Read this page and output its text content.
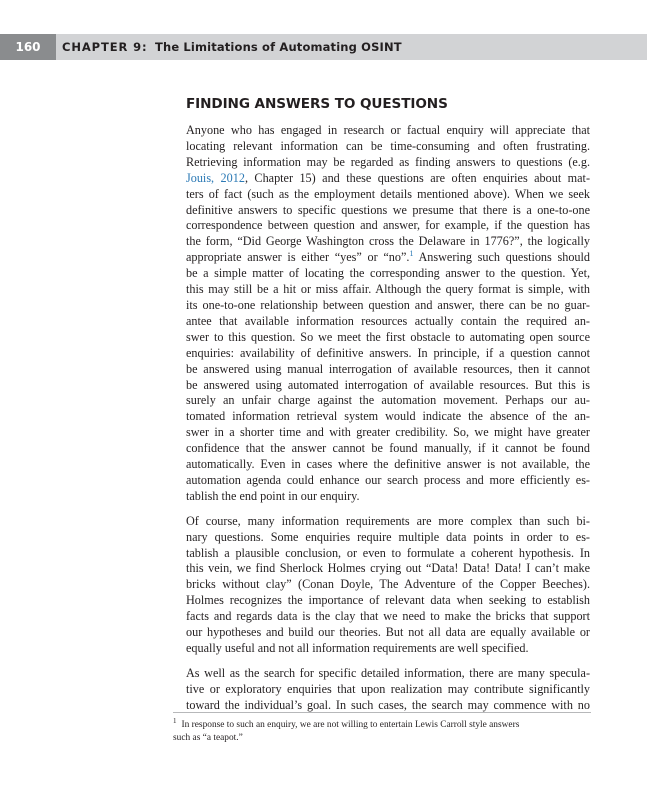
160	CHAPTER 9: The Limitations of Automating OSINT
FINDING ANSWERS TO QUESTIONS
Anyone who has engaged in research or factual enquiry will appreciate that
locating relevant information can be time-consuming and often frustrating.
Retrieving information may be regarded as finding answers to questions (e.g.
Jouis, 2012, Chapter 15) and these questions are often enquiries about mat-
ters of fact (such as the employment details mentioned above). When we seek
definitive answers to specific questions we presume that there is a one-to-one
correspondence between question and answer, for example, if the question has
the form, “Did George Washington cross the Delaware in 1776?”, the logically
appropriate answer is either “yes” or “no”.$^1$ Answering such questions should
be a simple matter of locating the corresponding answer to the question. Yet,
this may still be a hit or miss affair. Although the query format is simple, with
its one-to-one relationship between question and answer, there can be no guar-
antee that available information resources actually contain the required an-
swer to this question. So we meet the first obstacle to automating open source
enquiries: availability of definitive answers. In principle, if a question cannot
be answered using manual interrogation of available resources, then it cannot
be answered using automated interrogation of available resources. But this is
surely an unfair charge against the automation movement. Perhaps our au-
tomated information retrieval system would indicate the absence of the an-
swer in a shorter time and with greater credibility. So, we might have greater
confidence that the answer cannot be found manually, if it cannot be found
automatically. Even in cases where the definitive answer is not available, the
automation agenda could enhance our search process and more efficiently es-
tablish the end point in our enquiry.
Of course, many information requirements are more complex than such bi-
nary questions. Some enquiries require multiple data points in order to es-
tablish a plausible conclusion, or even to formulate a coherent hypothesis. In
this vein, we find Sherlock Holmes crying out “Data! Data! Data! I can’t make
bricks without clay” (Conan Doyle, The Adventure of the Copper Beeches).
Holmes recognizes the importance of relevant data when seeking to establish
facts and regards data is the clay that we need to make the bricks that support
our hypotheses and build our theories. But not all data are equally available or
equally useful and not all information requirements are well specified.
As well as the search for specific detailed information, there are many specula-
tive or exploratory enquiries that upon realization may contribute significantly
toward the individual’s goal. In such cases, the search may commence with no
$^1$ In response to such an enquiry, we are not willing to entertain Lewis Carroll style answers
such as “a teapot.”
